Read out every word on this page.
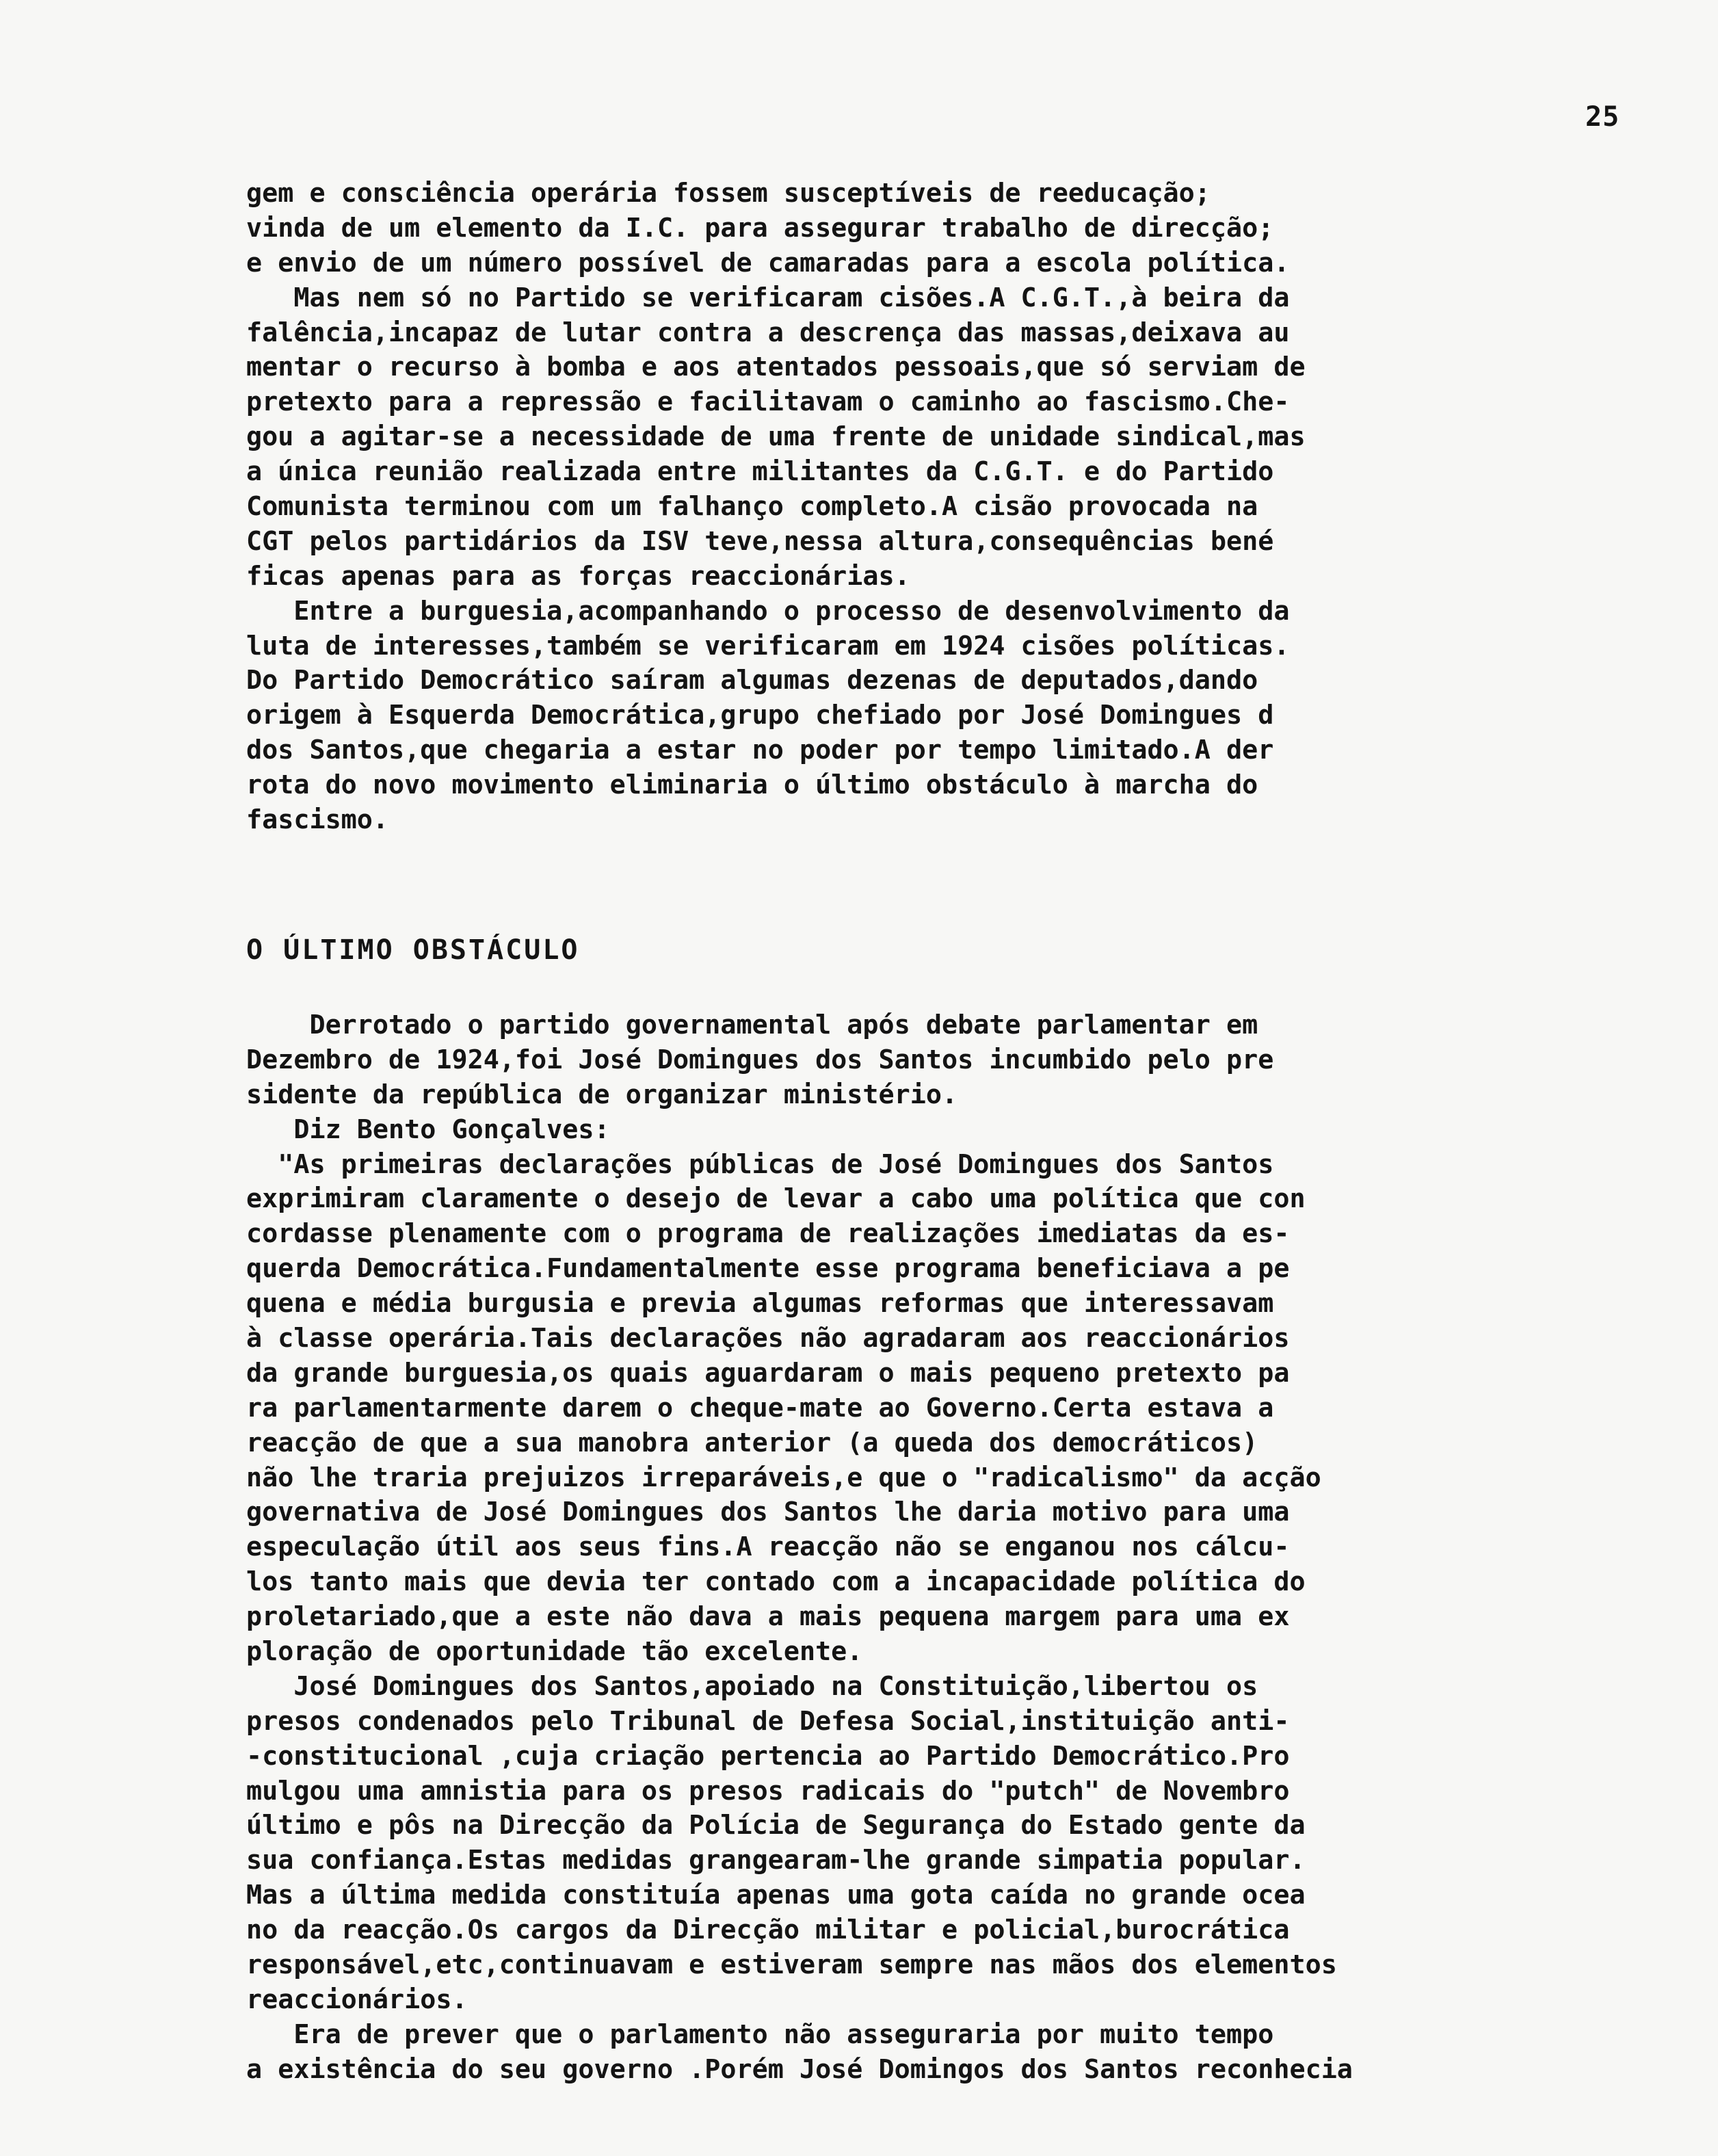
25
gem e consciência operária fossem susceptíveis de reeducação;
vinda de um elemento da I.C. para assegurar trabalho de direcção;
e envio de um número possível de camaradas para a escola política.
Mas nem só no Partido se verificaram cisões.A C.G.T.,à beira da
falência,incapaz de lutar contra a descrença das massas,deixava au
mentar o recurso à bomba e aos atentados pessoais,que só serviam de
pretexto para a repressão e facilitavam o caminho ao fascismo.Che-
gou a agitar-se a necessidade de uma frente de unidade sindical,mas
a única reunião realizada entre militantes da C.G.T. e do Partido
Comunista terminou com um falhanço completo.A cisão provocada na
CGT pelos partidários da ISV teve,nessa altura,consequências bené
ficas apenas para as forças reaccionárias.
Entre a burguesia,acompanhando o processo de desenvolvimento da
luta de interesses,também se verificaram em 1924 cisões políticas.
Do Partido Democrático saíram algumas dezenas de deputados,dando
origem à Esquerda Democrática,grupo chefiado por José Domingues d
dos Santos,que chegaria a estar no poder por tempo limitado.A der
rota do novo movimento eliminaria o último obstáculo à marcha do
fascismo.
O ÚLTIMO OBSTÁCULO
Derrotado o partido governamental após debate parlamentar em
Dezembro de 1924,foi José Domingues dos Santos incumbido pelo pre
sidente da república de organizar ministério.
Diz Bento Gonçalves:
"As primeiras declarações públicas de José Domingues dos Santos
exprimiram claramente o desejo de levar a cabo uma política que con
cordasse plenamente com o programa de realizações imediatas da es-
querda Democrática.Fundamentalmente esse programa beneficiava a pe
quena e média burgusia e previa algumas reformas que interessavam
à classe operária.Tais declarações não agradaram aos reaccionários
da grande burguesia,os quais aguardaram o mais pequeno pretexto pa
ra parlamentarmente darem o cheque-mate ao Governo.Certa estava a
reacção de que a sua manobra anterior (a queda dos democráticos)
não lhe traria prejuizos irreparáveis,e que o "radicalismo" da acção
governativa de José Domingues dos Santos lhe daria motivo para uma
especulação útil aos seus fins.A reacção não se enganou nos cálcu-
los tanto mais que devia ter contado com a incapacidade política do
proletariado,que a este não dava a mais pequena margem para uma ex
ploração de oportunidade tão excelente.
José Domingues dos Santos,apoiado na Constituição,libertou os
presos condenados pelo Tribunal de Defesa Social,instituição anti-
-constitucional ,cuja criação pertencia ao Partido Democrático.Pro
mulgou uma amnistia para os presos radicais do "putch" de Novembro
último e pôs na Direcção da Polícia de Segurança do Estado gente da
sua confiança.Estas medidas grangearam-lhe grande simpatia popular.
Mas a última medida constituía apenas uma gota caída no grande ocea
no da reacção.Os cargos da Direcção militar e policial,burocrática
responsável,etc,continuavam e estiveram sempre nas mãos dos elementos
reaccionários.
Era de prever que o parlamento não asseguraria por muito tempo
a existência do seu governo .Porém José Domingos dos Santos reconhecia
